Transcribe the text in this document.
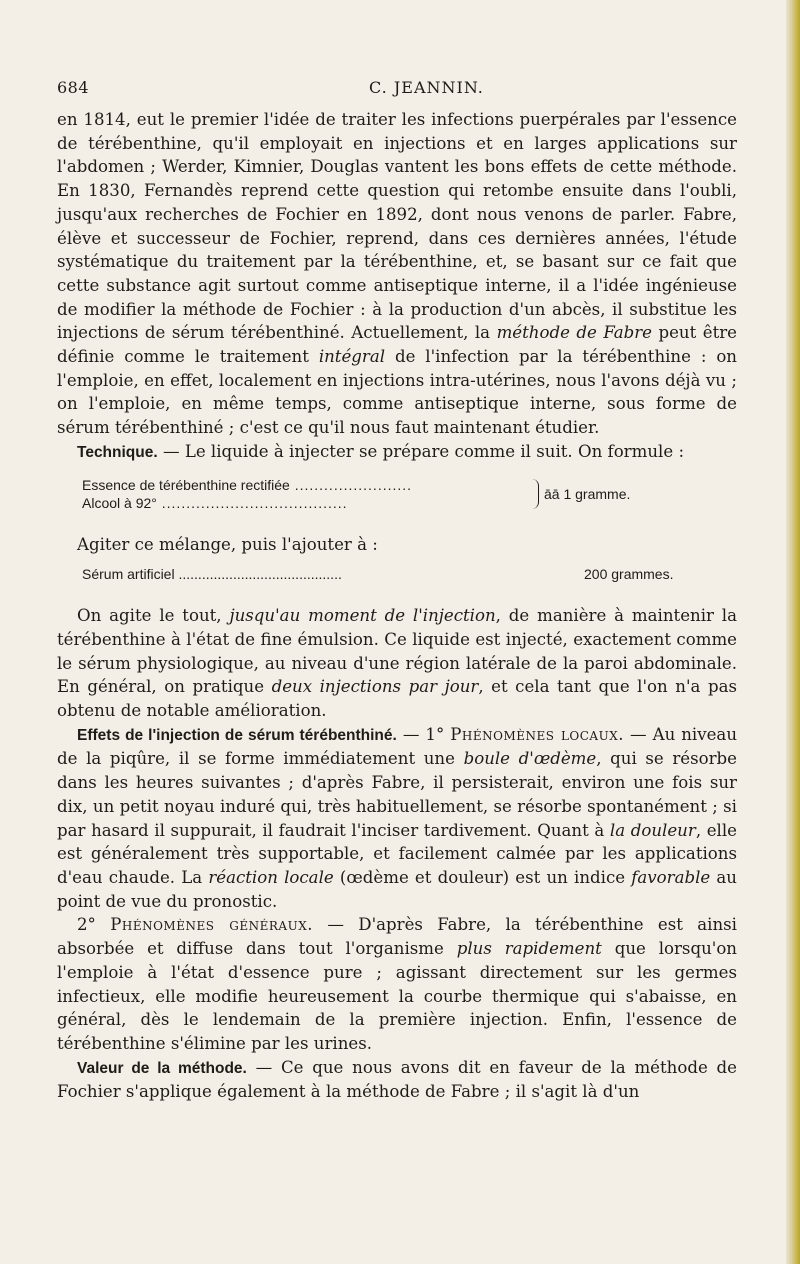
684	C. JEANNIN.

en 1814, eut le premier l'idée de traiter les infections puerpérales par l'essence de térébenthine, qu'il employait en injections et en larges applications sur l'abdomen ; Werder, Kimnier, Douglas vantent les bons effets de cette méthode. En 1830, Fernandès reprend cette question qui retombe ensuite dans l'oubli, jusqu'aux recherches de Fochier en 1892, dont nous venons de parler. Fabre, élève et successeur de Fochier, reprend, dans ces dernières années, l'étude systématique du traitement par la térébenthine, et, se basant sur ce fait que cette substance agit surtout comme antiseptique interne, il a l'idée ingénieuse de modifier la méthode de Fochier : à la production d'un abcès, il substitue les injections de sérum térébenthiné. Actuellement, la méthode de Fabre peut être définie comme le traitement intégral de l'infection par la térébenthine : on l'emploie, en effet, localement en injections intra-utérines, nous l'avons déjà vu ; on l'emploie, en même temps, comme antiseptique interne, sous forme de sérum térébenthiné ; c'est ce qu'il nous faut maintenant étudier.

Technique. — Le liquide à injecter se prépare comme il suit. On formule :

Essence de térébenthine rectifiée ........................
Alcool à 92° ......................................
āā 1 gramme.

Agiter ce mélange, puis l'ajouter à :

Sérum artificiel ..........................................	200 grammes.

On agite le tout, jusqu'au moment de l'injection, de manière à maintenir la térébenthine à l'état de fine émulsion. Ce liquide est injecté, exactement comme le sérum physiologique, au niveau d'une région latérale de la paroi abdominale. En général, on pratique deux injections par jour, et cela tant que l'on n'a pas obtenu de notable amélioration.

Effets de l'injection de sérum térébenthiné. — 1° Phénomènes locaux. — Au niveau de la piqûre, il se forme immédiatement une boule d'œdème, qui se résorbe dans les heures suivantes ; d'après Fabre, il persisterait, environ une fois sur dix, un petit noyau induré qui, très habituellement, se résorbe spontanément ; si par hasard il suppurait, il faudrait l'inciser tardivement. Quant à la douleur, elle est généralement très supportable, et facilement calmée par les applications d'eau chaude. La réaction locale (œdème et douleur) est un indice favorable au point de vue du pronostic.

2° Phénomènes généraux. — D'après Fabre, la térébenthine est ainsi absorbée et diffuse dans tout l'organisme plus rapidement que lorsqu'on l'emploie à l'état d'essence pure ; agissant directement sur les germes infectieux, elle modifie heureusement la courbe thermique qui s'abaisse, en général, dès le lendemain de la première injection. Enfin, l'essence de térébenthine s'élimine par les urines.

Valeur de la méthode. — Ce que nous avons dit en faveur de la méthode de Fochier s'applique également à la méthode de Fabre ; il s'agit là d'un
